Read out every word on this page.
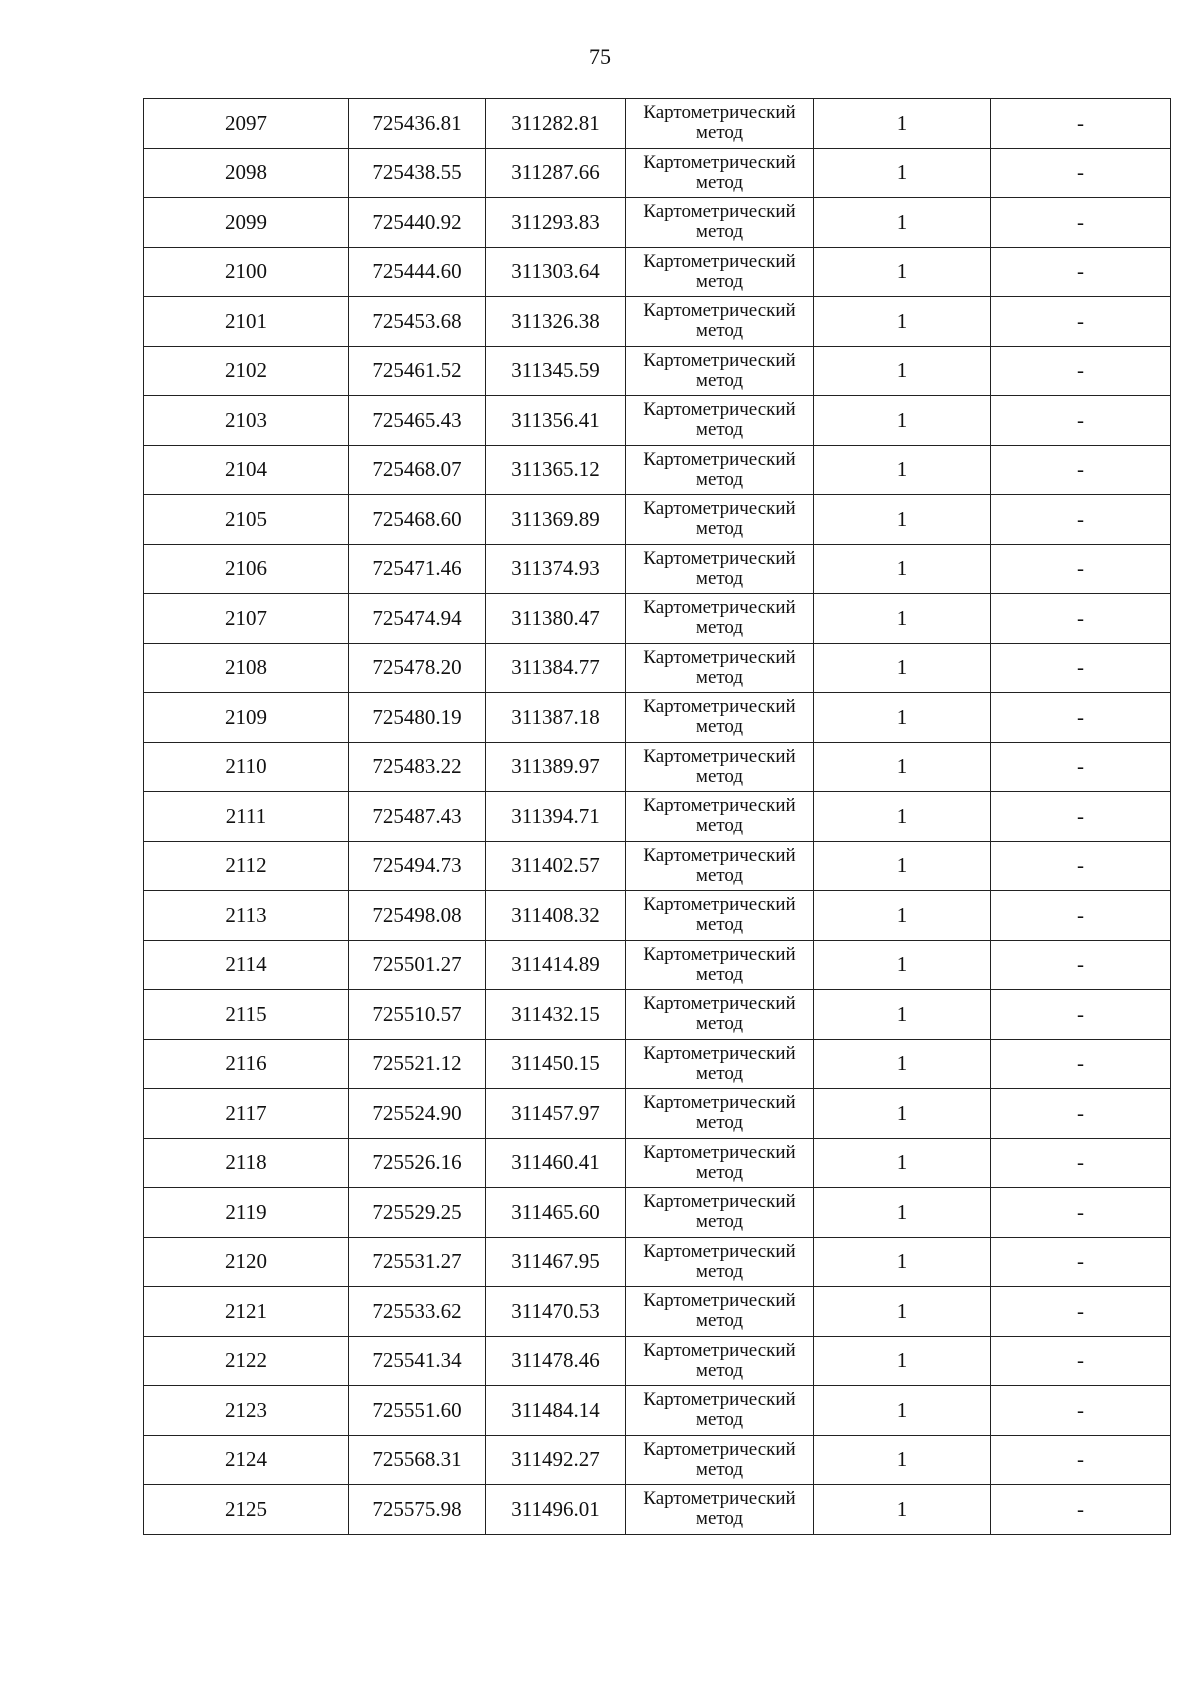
75
2097	725436.81	311282.81	Картометрический
метод	1	-
2098	725438.55	311287.66	Картометрический
метод	1	-
2099	725440.92	311293.83	Картометрический
метод	1	-
2100	725444.60	311303.64	Картометрический
метод	1	-
2101	725453.68	311326.38	Картометрический
метод	1	-
2102	725461.52	311345.59	Картометрический
метод	1	-
2103	725465.43	311356.41	Картометрический
метод	1	-
2104	725468.07	311365.12	Картометрический
метод	1	-
2105	725468.60	311369.89	Картометрический
метод	1	-
2106	725471.46	311374.93	Картометрический
метод	1	-
2107	725474.94	311380.47	Картометрический
метод	1	-
2108	725478.20	311384.77	Картометрический
метод	1	-
2109	725480.19	311387.18	Картометрический
метод	1	-
2110	725483.22	311389.97	Картометрический
метод	1	-
2111	725487.43	311394.71	Картометрический
метод	1	-
2112	725494.73	311402.57	Картометрический
метод	1	-
2113	725498.08	311408.32	Картометрический
метод	1	-
2114	725501.27	311414.89	Картометрический
метод	1	-
2115	725510.57	311432.15	Картометрический
метод	1	-
2116	725521.12	311450.15	Картометрический
метод	1	-
2117	725524.90	311457.97	Картометрический
метод	1	-
2118	725526.16	311460.41	Картометрический
метод	1	-
2119	725529.25	311465.60	Картометрический
метод	1	-
2120	725531.27	311467.95	Картометрический
метод	1	-
2121	725533.62	311470.53	Картометрический
метод	1	-
2122	725541.34	311478.46	Картометрический
метод	1	-
2123	725551.60	311484.14	Картометрический
метод	1	-
2124	725568.31	311492.27	Картометрический
метод	1	-
2125	725575.98	311496.01	Картометрический
метод	1	-
